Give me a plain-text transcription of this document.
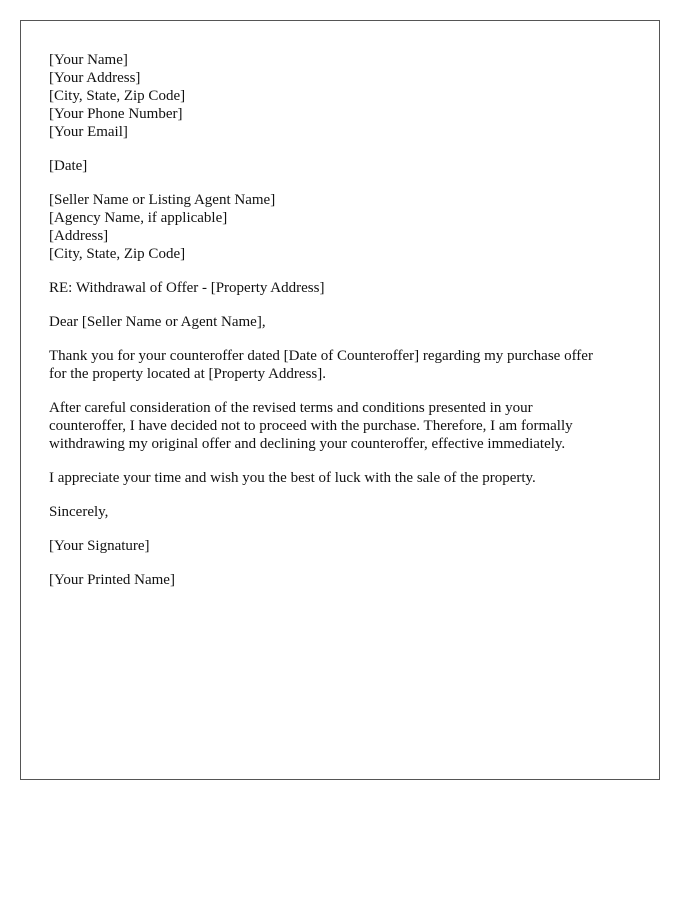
[Your Name]
[Your Address]
[City, State, Zip Code]
[Your Phone Number]
[Your Email]
[Date]
[Seller Name or Listing Agent Name]
[Agency Name, if applicable]
[Address]
[City, State, Zip Code]
RE: Withdrawal of Offer - [Property Address]
Dear [Seller Name or Agent Name],
Thank you for your counteroffer dated [Date of Counteroffer] regarding my purchase offer
for the property located at [Property Address].
After careful consideration of the revised terms and conditions presented in your
counteroffer, I have decided not to proceed with the purchase. Therefore, I am formally
withdrawing my original offer and declining your counteroffer, effective immediately.
I appreciate your time and wish you the best of luck with the sale of the property.
Sincerely,
[Your Signature]
[Your Printed Name]
